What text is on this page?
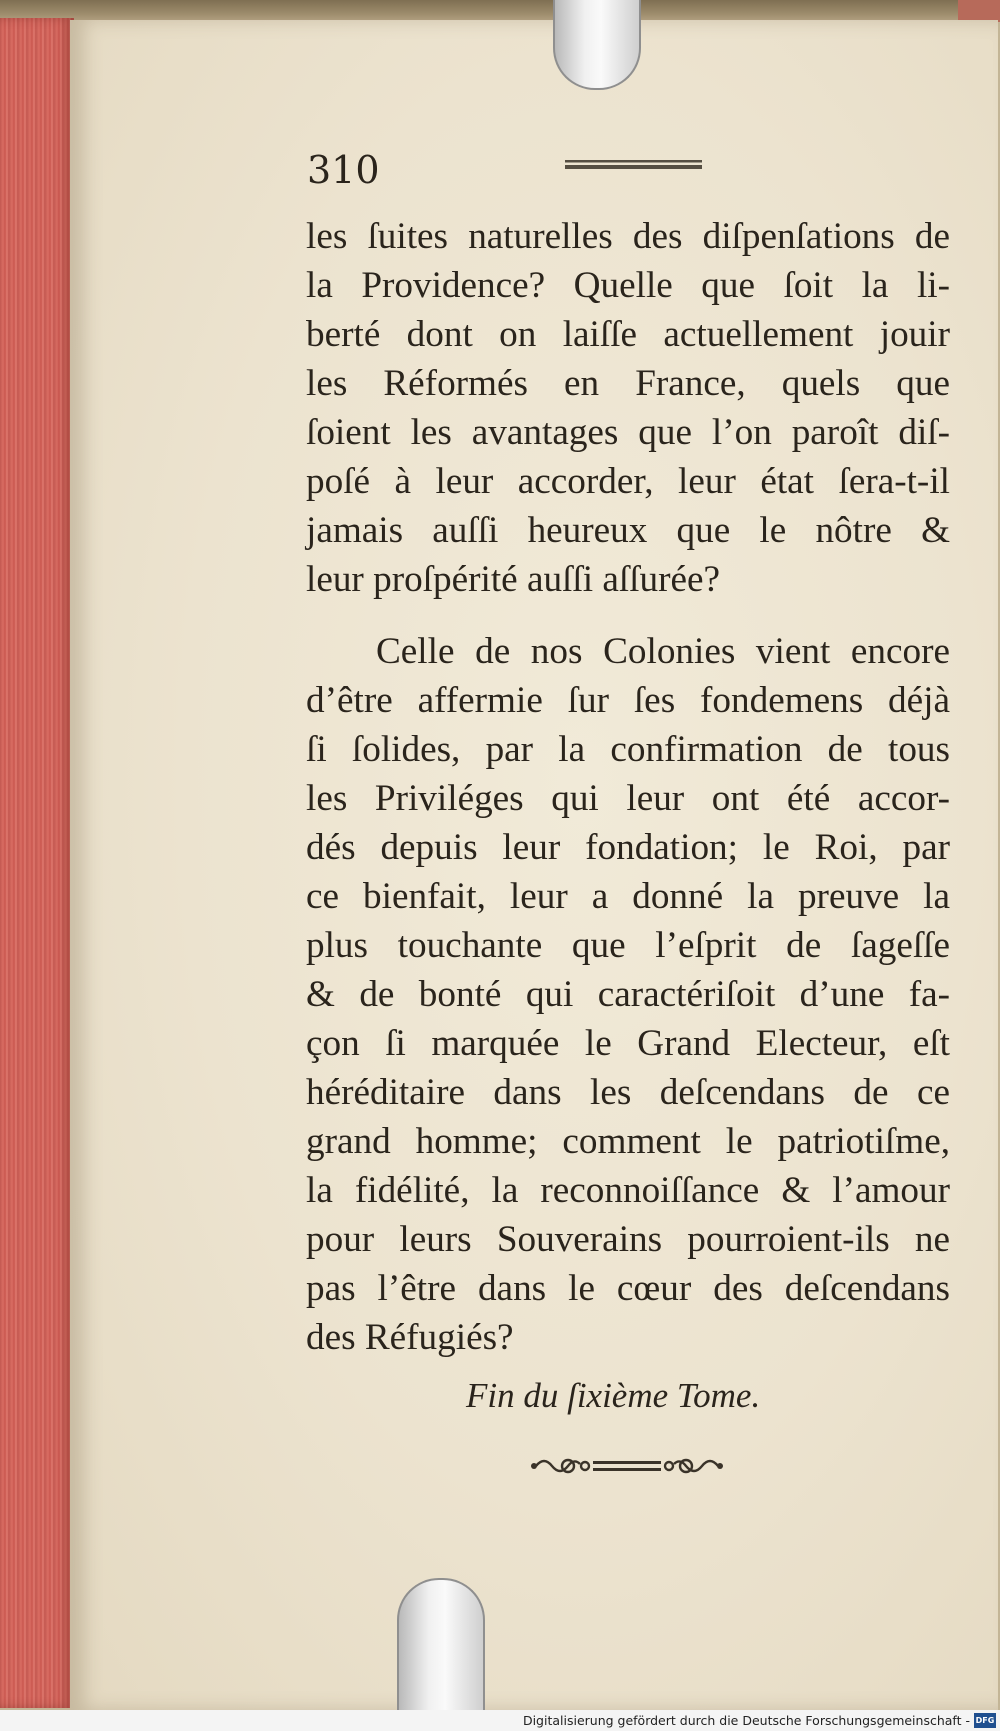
310

les ſuites naturelles des diſpenſations de
la Providence? Quelle que ſoit la li-
berté dont on laiſſe actuellement jouir
les Réformés en France, quels que
ſoient les avantages que l’on paroît diſ-
poſé à leur accorder, leur état ſera-t-il
jamais auſſi heureux que le nôtre &

leur proſpérité auſſi aſſurée?

Celle de nos Colonies vient encore
d’être affermie ſur ſes fondemens déjà
ſi ſolides, par la confirmation de tous
les Priviléges qui leur ont été accor-
dés depuis leur fondation; le Roi, par
ce bienfait, leur a donné la preuve la
plus touchante que l’eſprit de ſageſſe
& de bonté qui caractériſoit d’une fa-
çon ſi marquée le Grand Electeur, eſt
héréditaire dans les deſcendans de ce
grand homme; comment le patriotiſme,
la fidélité, la reconnoiſſance & l’amour
pour leurs Souverains pourroient-ils ne
pas l’être dans le cœur des deſcendans

des Réfugiés?

Fin du ſixième Tome.

Digitalisierung gefördert durch die Deutsche Forschungsgemeinschaft - DFG
